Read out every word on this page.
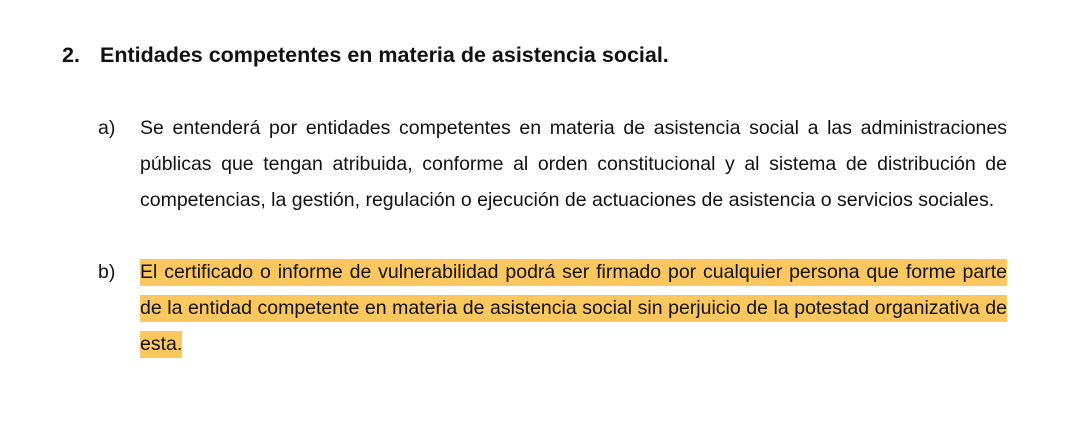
2. Entidades competentes en materia de asistencia social.
a)	Se entenderá por entidades competentes en materia de asistencia social a las administraciones públicas que tengan atribuida, conforme al orden constitucional y al sistema de distribución de competencias, la gestión, regulación o ejecución de actuaciones de asistencia o servicios sociales.
b)	El certificado o informe de vulnerabilidad podrá ser firmado por cualquier persona que forme parte de la entidad competente en materia de asistencia social sin perjuicio de la potestad organizativa de esta.
